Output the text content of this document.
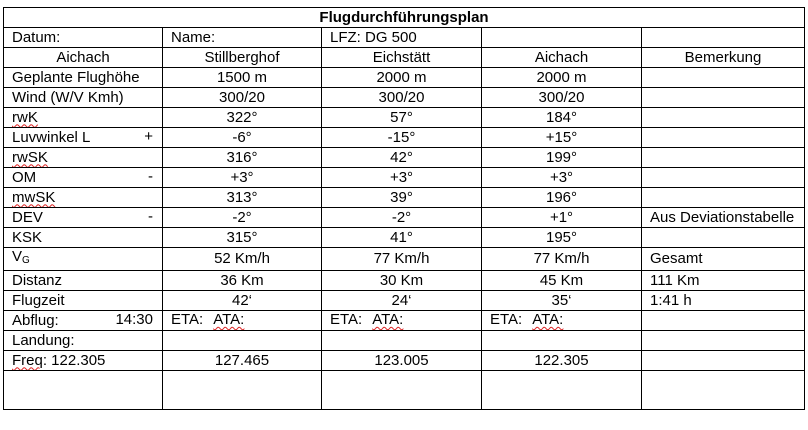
Flugdurchführungsplan				
Datum:	Name:	LFZ: DG 500		
Aichach	Stillberghof	Eichstätt	Aichach	Bemerkung
Geplante Flughöhe	1500 m	2000 m	2000 m	
Wind (W/V Kmh)	300/20	300/20	300/20	
rwK	322°	57°	184°	
Luvwinkel L +	-6°	-15°	+15°	
rwSK	316°	42°	199°	
OM -	+3°	+3°	+3°	
mwSK	313°	39°	196°	
DEV -	-2°	-2°	+1°	Aus Deviationstabelle
KSK	315°	41°	195°	
$V_G$	52 Km/h	77 Km/h	77 Km/h	Gesamt
Distanz	36 Km	30 Km	45 Km	111 Km
Flugzeit	42‘	24‘	35‘	1:41 h
Abflug: 14:30	ETA: ATA:	ETA: ATA:	ETA: ATA:	
Landung:				
Freq: 122.305	127.465	123.005	122.305	
